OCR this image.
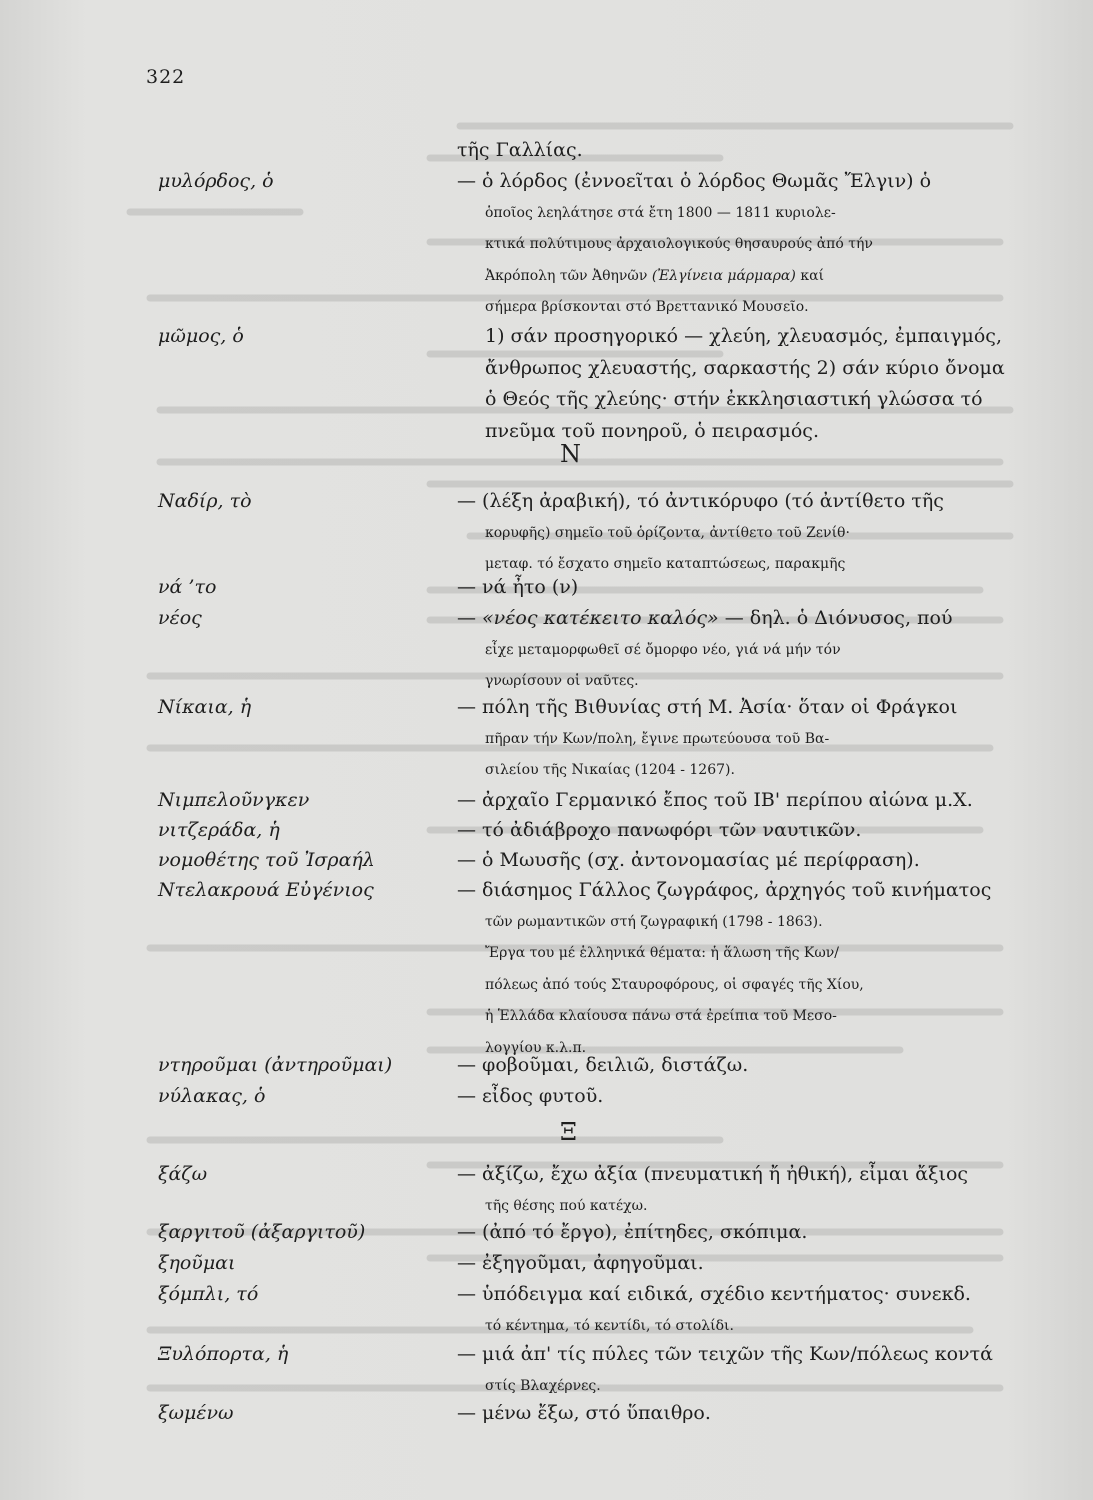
322
τῆς Γαλλίας.
μυλόρδος, ὁ	— ὁ λόρδος (ἐννοεῖται ὁ λόρδος Θωμᾶς Ἔλγιν) ὁ
ὁποῖος λεηλάτησε στά ἔτη 1800 — 1811 κυριολε-
κτικά πολύτιμους ἀρχαιολογικούς θησαυρούς ἀπό τήν
Ἀκρόπολη τῶν Ἀθηνῶν (Ἐλγίνεια μάρμαρα) καί
σήμερα βρίσκονται στό Βρεττανικό Μουσεῖο.
μῶμος, ὁ	1) σάν προσηγορικό — χλεύη, χλευασμός, ἐμπαιγμός,
ἄνθρωπος χλευαστής, σαρκαστής 2) σάν κύριο ὄνομα
ὁ Θεός τῆς χλεύης· στήν ἐκκλησιαστική γλώσσα τό
πνεῦμα τοῦ πονηροῦ, ὁ πειρασμός.
Ν
Ναδίρ, τὸ	— (λέξη ἀραβική), τό ἀντικόρυφο (τό ἀντίθετο τῆς
κορυφῆς) σημεῖο τοῦ ὁρίζοντα, ἀντίθετο τοῦ Ζενίθ·
μεταφ. τό ἔσχατο σημεῖο καταπτώσεως, παρακμῆς
νά ’το	— νά ἦτο (ν)
νέος	— «νέος κατέκειτο καλός» — δηλ. ὁ Διόνυσος, πού
εἶχε μεταμορφωθεῖ σέ ὄμορφο νέο, γιά νά μήν τόν
γνωρίσουν οἱ ναῦτες.
Νίκαια, ἡ	— πόλη τῆς Βιθυνίας στή Μ. Ἀσία· ὅταν οἱ Φράγκοι
πῆραν τήν Κων/πολη, ἔγινε πρωτεύουσα τοῦ Βα-
σιλείου τῆς Νικαίας (1204 - 1267).
Νιμπελοῦνγκεν	— ἀρχαῖο Γερμανικό ἔπος τοῦ ΙΒ' περίπου αἰώνα μ.Χ.
νιτζεράδα, ἡ	— τό ἀδιάβροχο πανωφόρι τῶν ναυτικῶν.
νομοθέτης τοῦ Ἰσραήλ	— ὁ Μωυσῆς (σχ. ἀντονομασίας μέ περίφραση).
Ντελακρουά Εὐγένιος	— διάσημος Γάλλος ζωγράφος, ἀρχηγός τοῦ κινήματος
τῶν ρωμαντικῶν στή ζωγραφική (1798 - 1863).
Ἔργα του μέ ἑλληνικά θέματα: ἡ ἅλωση τῆς Κων/
πόλεως ἀπό τούς Σταυροφόρους, οἱ σφαγές τῆς Χίου,
ἡ Ἑλλάδα κλαίουσα πάνω στά ἐρείπια τοῦ Μεσο-
λογγίου κ.λ.π.
ντηροῦμαι (ἀντηροῦμαι)	— φοβοῦμαι, δειλιῶ, διστάζω.
νύλακας, ὁ	— εἶδος φυτοῦ.
Ξ
ξάζω	— ἀξίζω, ἔχω ἀξία (πνευματική ἤ ἠθική), εἶμαι ἄξιος
τῆς θέσης πού κατέχω.
ξαργιτοῦ (ἀξαργιτοῦ)	— (ἀπό τό ἔργο), ἐπίτηδες, σκόπιμα.
ξηοῦμαι	— ἐξηγοῦμαι, ἀφηγοῦμαι.
ξόμπλι, τό	— ὑπόδειγμα καί ειδικά, σχέδιο κεντήματος· συνεκδ.
τό κέντημα, τό κεντίδι, τό στολίδι.
Ξυλόπορτα, ἡ	— μιά ἀπ' τίς πύλες τῶν τειχῶν τῆς Κων/πόλεως κοντά
στίς Βλαχέρνες.
ξωμένω	— μένω ἔξω, στό ὕπαιθρο.
